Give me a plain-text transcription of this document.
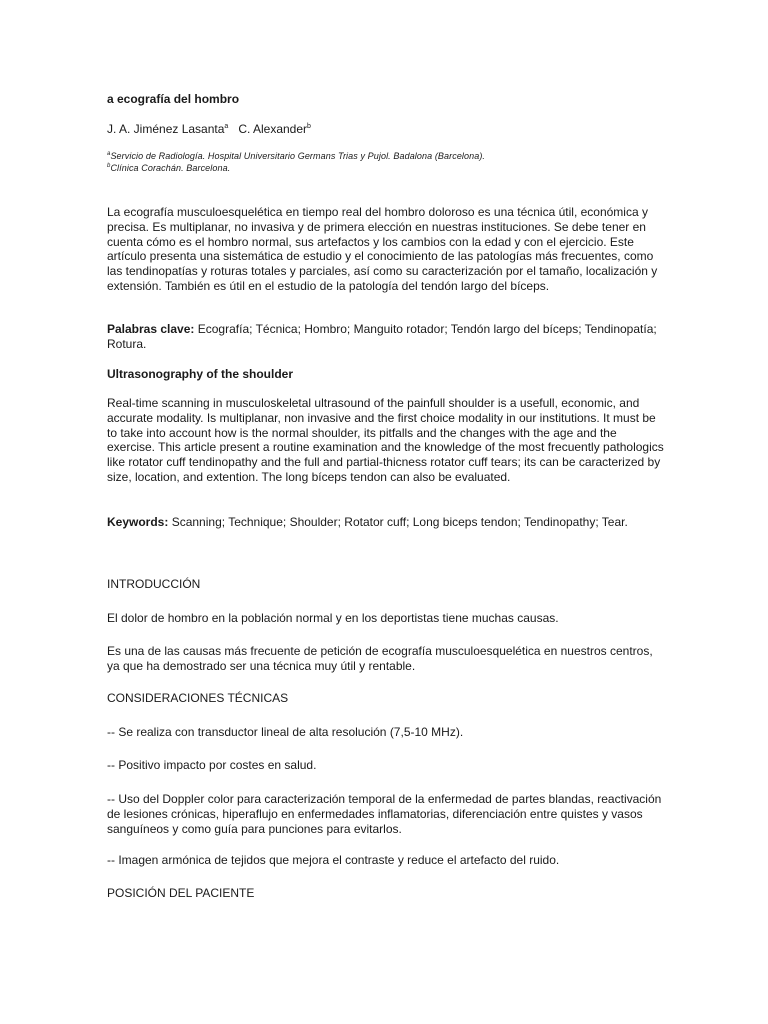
a ecografía del hombro
J. A. Jiménez Lasanta$^a$ C. Alexander$^b$
$^a$Servicio de Radiología. Hospital Universitario Germans Trias y Pujol. Badalona (Barcelona).
$^b$Clínica Corachán. Barcelona.

La ecografía musculoesquelética en tiempo real del hombro doloroso es una técnica útil, económica y precisa. Es multiplanar, no invasiva y de primera elección en nuestras instituciones. Se debe tener en cuenta cómo es el hombro normal, sus artefactos y los cambios con la edad y con el ejercicio. Este artículo presenta una sistemática de estudio y el conocimiento de las patologías más frecuentes, como las tendinopatías y roturas totales y parciales, así como su caracterización por el tamaño, localización y extensión. También es útil en el estudio de la patología del tendón largo del bíceps.

Palabras clave: Ecografía; Técnica; Hombro; Manguito rotador; Tendón largo del bíceps; Tendinopatía; Rotura.

Ultrasonography of the shoulder

Real-time scanning in musculoskeletal ultrasound of the painfull shoulder is a usefull, economic, and accurate modality. Is multiplanar, non invasive and the first choice modality in our institutions. It must be to take into account how is the normal shoulder, its pitfalls and the changes with the age and the exercise. This article present a routine examination and the knowledge of the most frecuently pathologics like rotator cuff tendinopathy and the full and partial-thicness rotator cuff tears; its can be caracterized by size, location, and extention. The long bíceps tendon can also be evaluated.

Keywords: Scanning; Technique; Shoulder; Rotator cuff; Long biceps tendon; Tendinopathy; Tear.

INTRODUCCIÓN

El dolor de hombro en la población normal y en los deportistas tiene muchas causas.

Es una de las causas más frecuente de petición de ecografía musculoesquelética en nuestros centros, ya que ha demostrado ser una técnica muy útil y rentable.

CONSIDERACIONES TÉCNICAS

-- Se realiza con transductor lineal de alta resolución (7,5-10 MHz).

-- Positivo impacto por costes en salud.

-- Uso del Doppler color para caracterización temporal de la enfermedad de partes blandas, reactivación de lesiones crónicas, hiperaflujo en enfermedades inflamatorias, diferenciación entre quistes y vasos sanguíneos y como guía para punciones para evitarlos.

-- Imagen armónica de tejidos que mejora el contraste y reduce el artefacto del ruido.

POSICIÓN DEL PACIENTE
